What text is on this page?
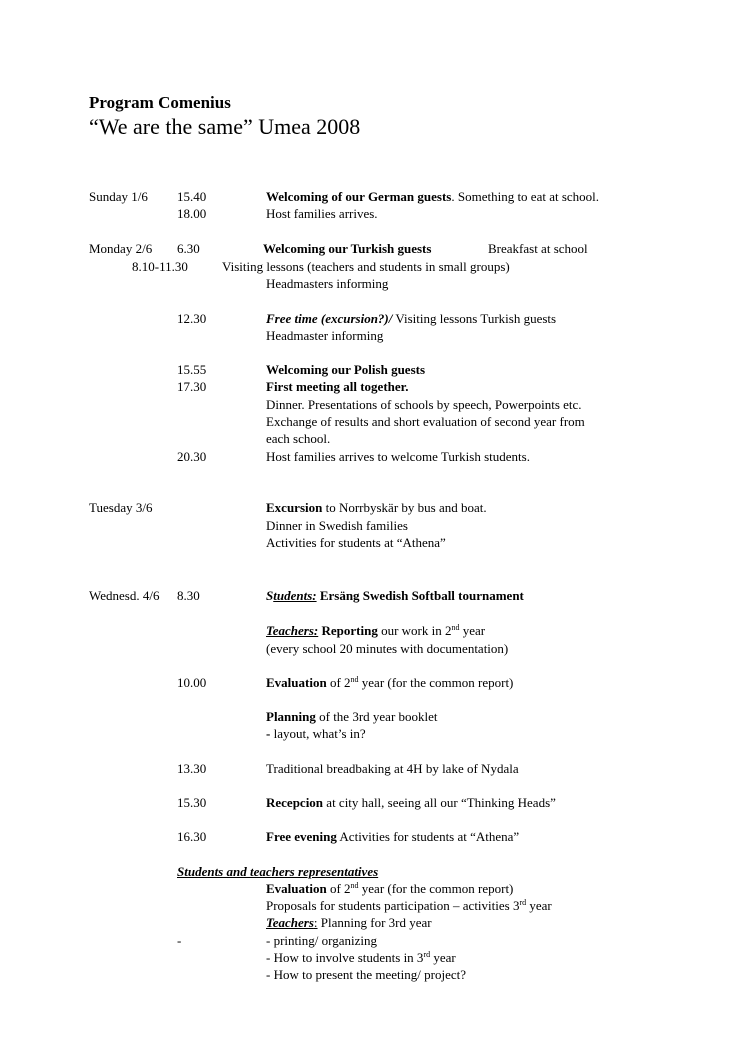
Program Comenius
“We are the same” Umea 2008
Sunday 1/6 15.40	Welcoming of our German guests. Something to eat at school.
18.00	Host families arrives.
Monday 2/6 6.30	Welcoming our Turkish guests	Breakfast at school
8.10-11.30	Visiting lessons (teachers and students in small groups)
Headmasters informing
12.30	Free time (excursion?)/ Visiting lessons Turkish guests
Headmaster informing
15.55	Welcoming our Polish guests
17.30	First meeting all together.
Dinner. Presentations of schools by speech, Powerpoints etc.
Exchange of results and short evaluation of second year from
each school.
20.30	Host families arrives to welcome Turkish students.
Tuesday 3/6	Excursion to Norrbyskär by bus and boat.
Dinner in Swedish families
Activities for students at “Athena”
Wednesd. 4/6 8.30	Students: Ersäng Swedish Softball tournament
Teachers: Reporting our work in 2nd year
(every school 20 minutes with documentation)
10.00	Evaluation of 2nd year (for the common report)
Planning of the 3rd year booklet
- layout, what’s in?
13.30	Traditional breadbaking at 4H by lake of Nydala
15.30	Recepcion at city hall, seeing all our “Thinking Heads”
16.30	Free evening Activities for students at “Athena”
Students and teachers representatives
Evaluation of 2nd year (for the common report)
Proposals for students participation – activities 3rd year
Teachers: Planning for 3rd year
-	- printing/ organizing
- How to involve students in 3rd year
- How to present the meeting/ project?
